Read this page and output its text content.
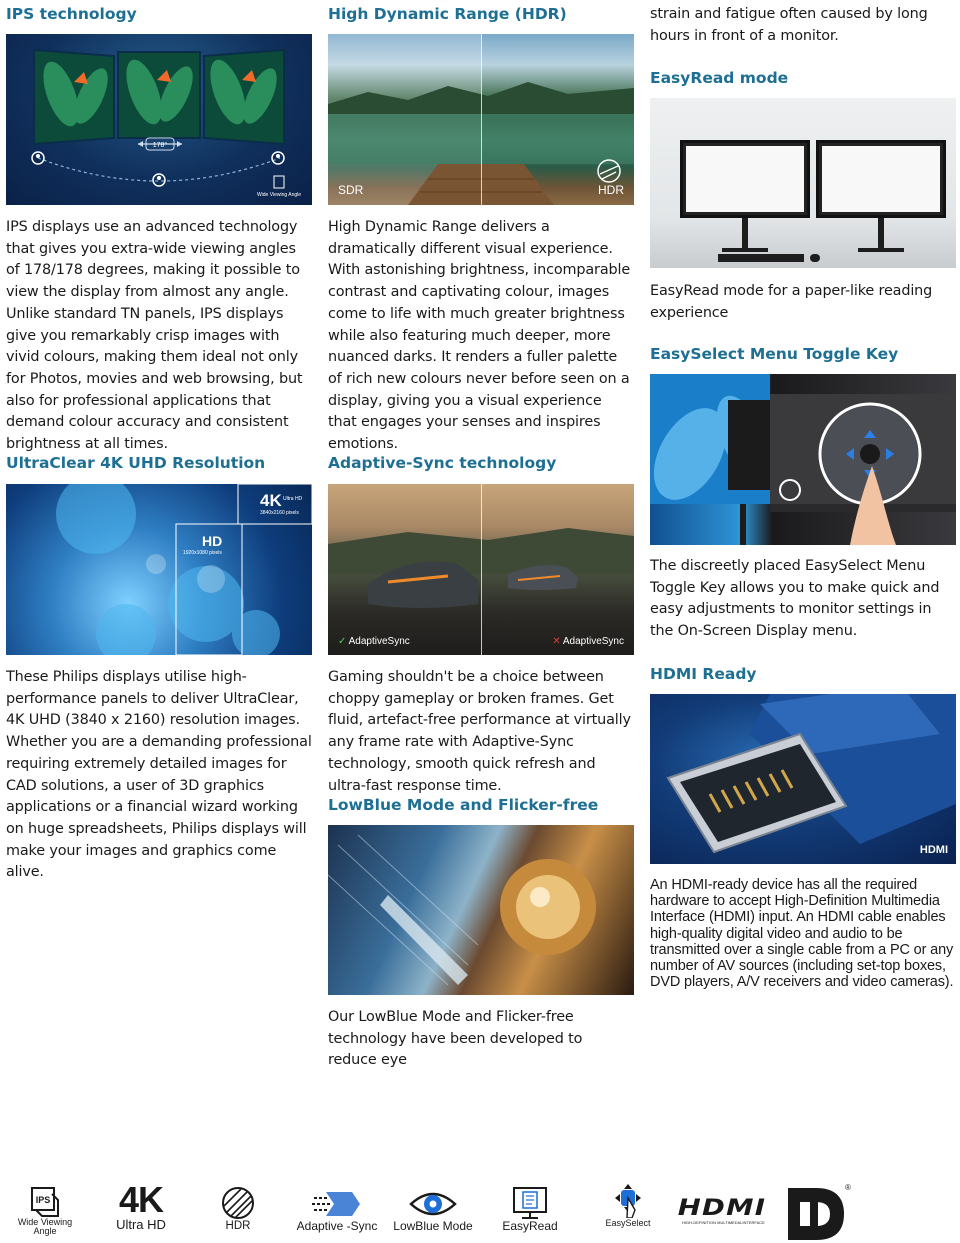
IPS technology
178°
Wide Viewing Angle
IPS displays use an advanced technology that gives you extra-wide viewing angles of 178/178 degrees, making it possible to view the display from almost any angle. Unlike standard TN panels, IPS displays give you remarkably crisp images with vivid colours, making them ideal not only for Photos, movies and web browsing, but also for professional applications that demand colour accuracy and consistent brightness at all times.
UltraClear 4K UHD Resolution
4K Ultra HD
3840x2160 pixels
HD
1920x1080 pixels
These Philips displays utilise high-performance panels to deliver UltraClear, 4K UHD (3840 x 2160) resolution images. Whether you are a demanding professional requiring extremely detailed images for CAD solutions, a user of 3D graphics applications or a financial wizard working on huge spreadsheets, Philips displays will make your images and graphics come alive.
High Dynamic Range (HDR)
SDR	HDR
High Dynamic Range delivers a dramatically different visual experience. With astonishing brightness, incomparable contrast and captivating colour, images come to life with much greater brightness while also featuring much deeper, more nuanced darks. It renders a fuller palette of rich new colours never before seen on a display, giving you a visual experience that engages your senses and inspires emotions.
Adaptive-Sync technology
✓ AdaptiveSync	✕ AdaptiveSync
Gaming shouldn't be a choice between choppy gameplay or broken frames. Get fluid, artefact-free performance at virtually any frame rate with Adaptive-Sync technology, smooth quick refresh and ultra-fast response time.
LowBlue Mode and Flicker-free
Our LowBlue Mode and Flicker-free technology have been developed to reduce eye
strain and fatigue often caused by long hours in front of a monitor.
EasyRead mode
EasyRead mode for a paper-like reading experience
EasySelect Menu Toggle Key
The discreetly placed EasySelect Menu Toggle Key allows you to make quick and easy adjustments to monitor settings in the On-Screen Display menu.
HDMI Ready
HDMI
An HDMI-ready device has all the required hardware to accept High-Definition Multimedia Interface (HDMI) input. An HDMI cable enables high-quality digital video and audio to be transmitted over a single cable from a PC or any number of AV sources (including set-top boxes, DVD players, A/V receivers and video cameras).
IPS
Wide Viewing Angle
4K
Ultra HD	HDR	Adaptive -Sync LowBlue Mode EasyRead	EasySelect
HDMI
HIGH-DEFINITION MULTIMEDIA INTERFACE
®
